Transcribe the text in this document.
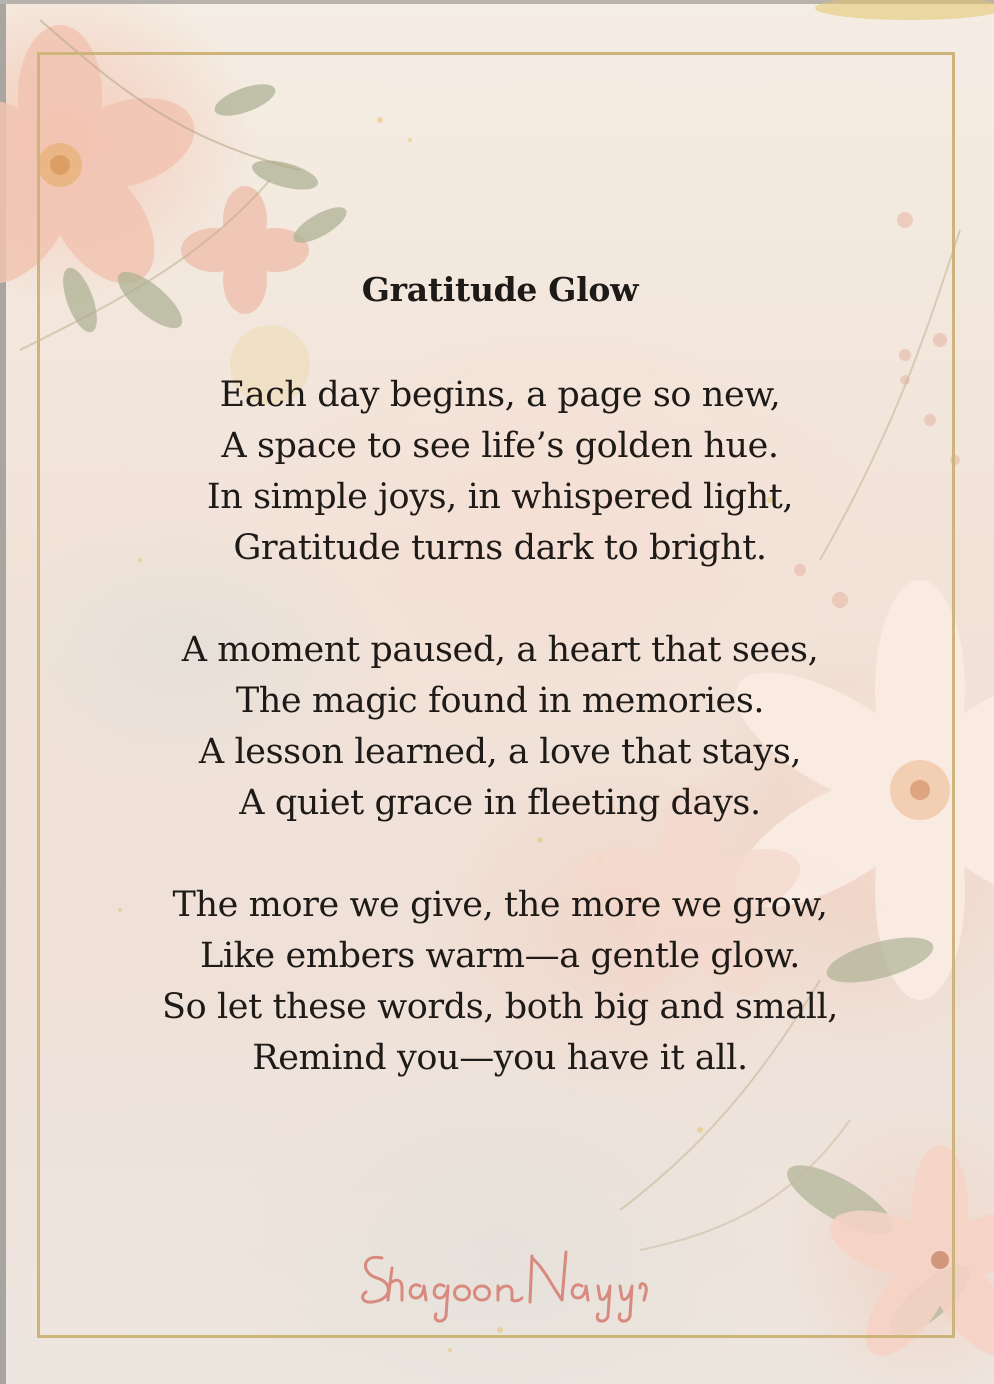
Gratitude Glow
Each day begins, a page so new,
A space to see life’s golden hue.
In simple joys, in whispered light,
Gratitude turns dark to bright.
A moment paused, a heart that sees,
The magic found in memories.
A lesson learned, a love that stays,
A quiet grace in fleeting days.
The more we give, the more we grow,
Like embers warm—a gentle glow.
So let these words, both big and small,
Remind you—you have it all.
